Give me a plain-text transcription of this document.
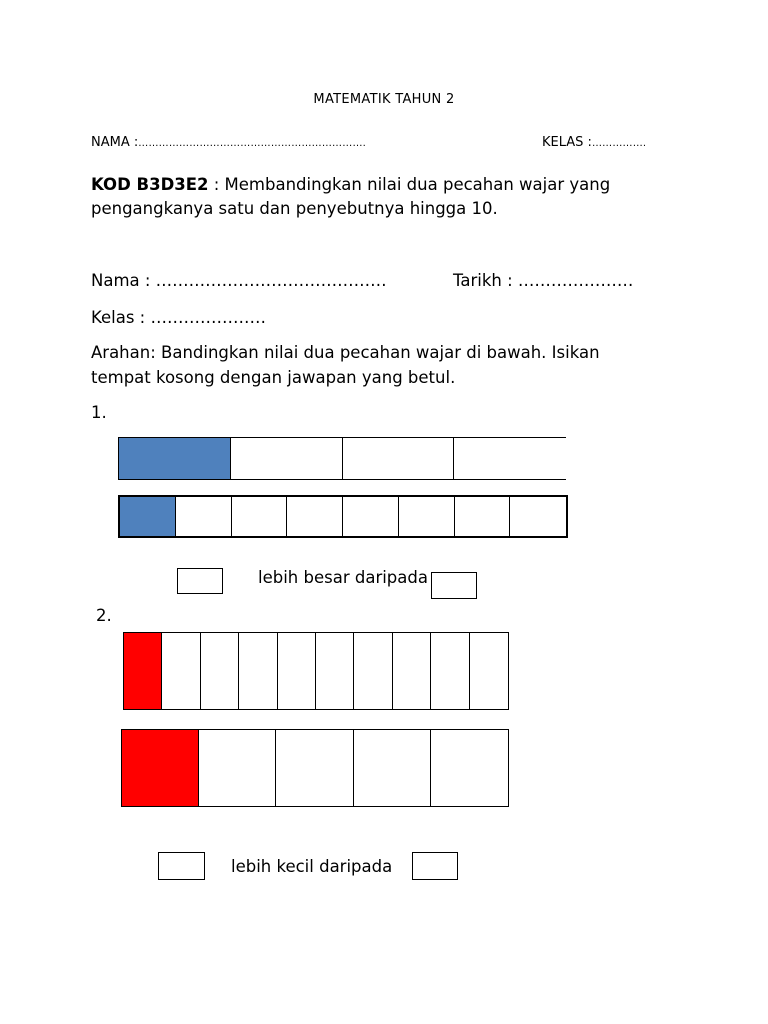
MATEMATIK TAHUN 2
NAMA :………………………………………………………….	KELAS :…………….
KOD B3D3E2 : Membandingkan nilai dua pecahan wajar yang pengangkanya satu dan penyebutnya hingga 10.
Nama : ……………………………………	Tarikh : …………………
Kelas : …………………
Arahan: Bandingkan nilai dua pecahan wajar di bawah. Isikan tempat kosong dengan jawapan yang betul.
1.
lebih besar daripada
2.
lebih kecil daripada
